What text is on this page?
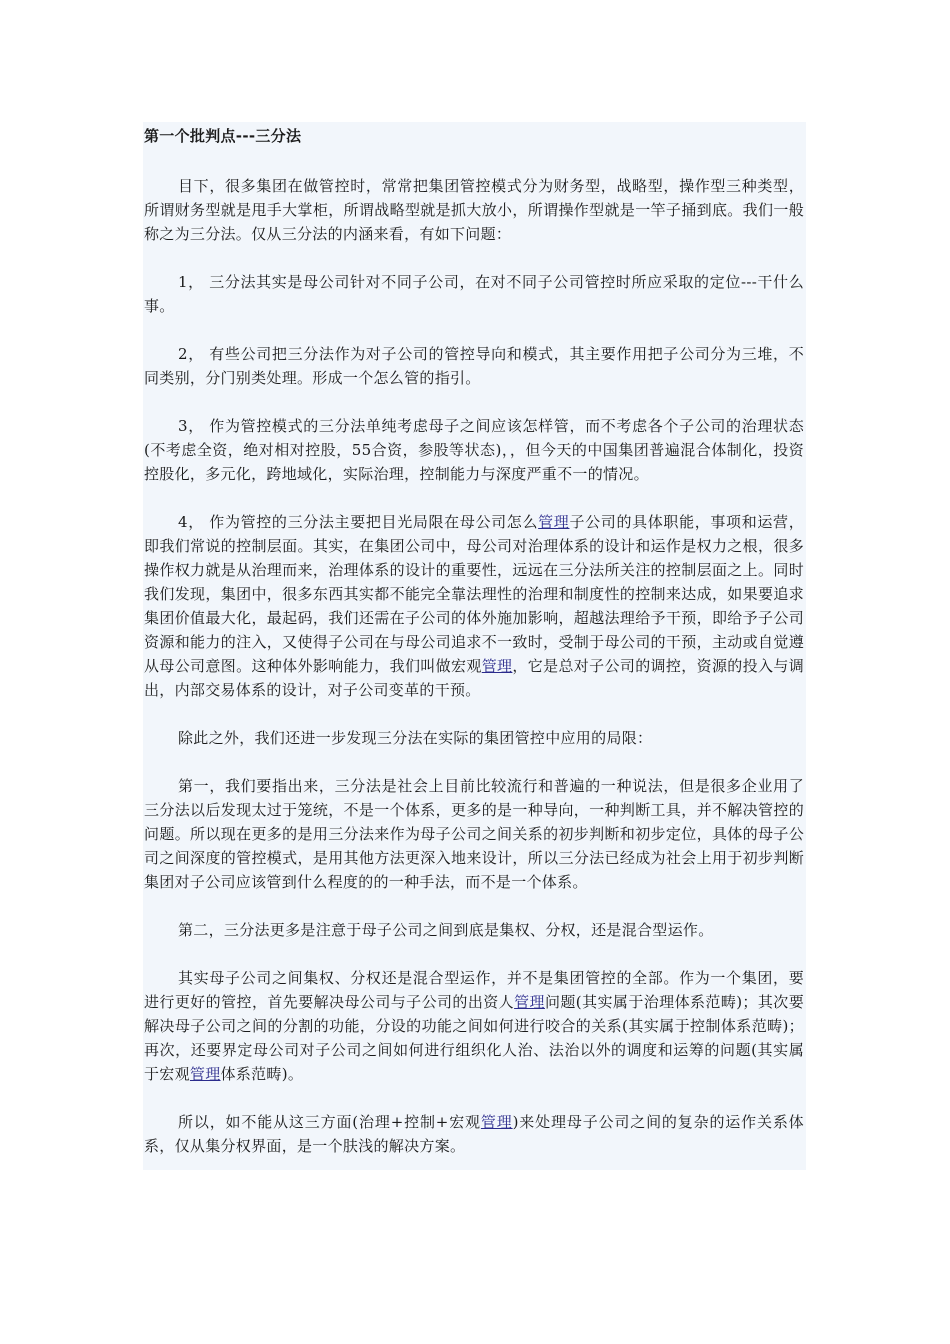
第一个批判点---三分法

目下，很多集团在做管控时，常常把集团管控模式分为财务型，战略型，操作型三种类型，所谓财务型就是甩手大掌柜，所谓战略型就是抓大放小，所谓操作型就是一竿子捅到底。我们一般称之为三分法。仅从三分法的内涵来看，有如下问题：

1， 三分法其实是母公司针对不同子公司，在对不同子公司管控时所应采取的定位---干什么事。

2， 有些公司把三分法作为对子公司的管控导向和模式，其主要作用把子公司分为三堆，不同类别，分门别类处理。形成一个怎么管的指引。

3， 作为管控模式的三分法单纯考虑母子之间应该怎样管，而不考虑各个子公司的治理状态(不考虑全资，绝对相对控股，55合资，参股等状态)，，但今天的中国集团普遍混合体制化，投资控股化，多元化，跨地域化，实际治理，控制能力与深度严重不一的情况。

4， 作为管控的三分法主要把目光局限在母公司怎么管理子公司的具体职能，事项和运营，即我们常说的控制层面。其实，在集团公司中，母公司对治理体系的设计和运作是权力之根，很多操作权力就是从治理而来，治理体系的设计的重要性，远远在三分法所关注的控制层面之上。同时我们发现，集团中，很多东西其实都不能完全靠法理性的治理和制度性的控制来达成，如果要追求集团价值最大化，最起码，我们还需在子公司的体外施加影响，超越法理给予干预，即给予子公司资源和能力的注入，又使得子公司在与母公司追求不一致时，受制于母公司的干预，主动或自觉遵从母公司意图。这种体外影响能力，我们叫做宏观管理，它是总对子公司的调控，资源的投入与调出，内部交易体系的设计，对子公司变革的干预。

除此之外，我们还进一步发现三分法在实际的集团管控中应用的局限：

第一，我们要指出来，三分法是社会上目前比较流行和普遍的一种说法，但是很多企业用了三分法以后发现太过于笼统，不是一个体系，更多的是一种导向，一种判断工具，并不解决管控的问题。所以现在更多的是用三分法来作为母子公司之间关系的初步判断和初步定位，具体的母子公司之间深度的管控模式，是用其他方法更深入地来设计，所以三分法已经成为社会上用于初步判断集团对子公司应该管到什么程度的的一种手法，而不是一个体系。

第二，三分法更多是注意于母子公司之间到底是集权、分权，还是混合型运作。

其实母子公司之间集权、分权还是混合型运作，并不是集团管控的全部。作为一个集团，要进行更好的管控，首先要解决母公司与子公司的出资人管理问题(其实属于治理体系范畴)；其次要解决母子公司之间的分割的功能，分设的功能之间如何进行咬合的关系(其实属于控制体系范畴)；再次，还要界定母公司对子公司之间如何进行组织化人治、法治以外的调度和运筹的问题(其实属于宏观管理体系范畴)。

所以，如不能从这三方面(治理+控制+宏观管理)来处理母子公司之间的复杂的运作关系体系，仅从集分权界面，是一个肤浅的解决方案。
